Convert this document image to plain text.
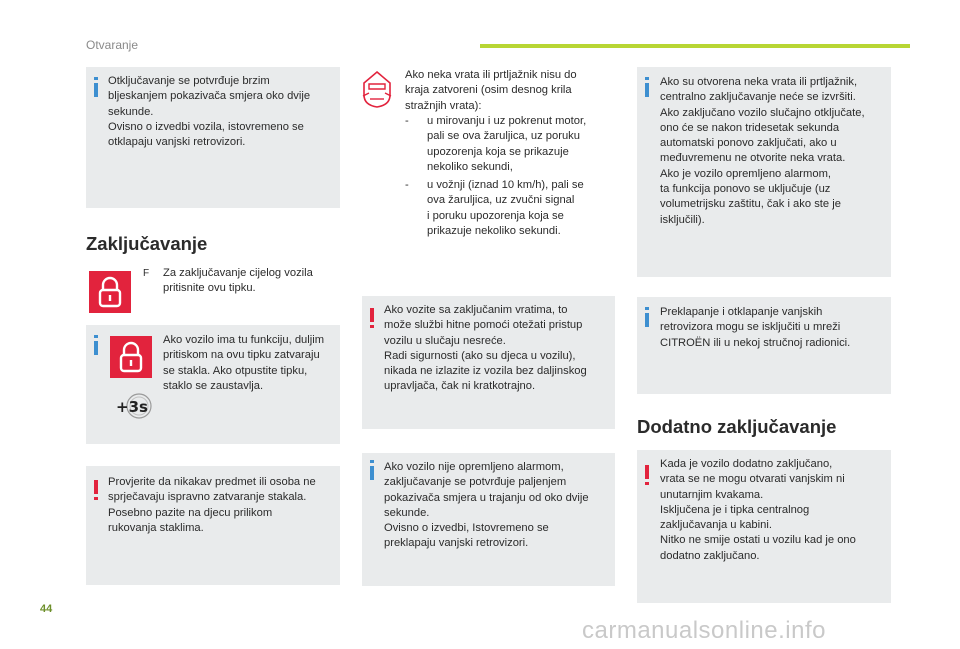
Otvaranje
Otključavanje se potvrđuje brzim
bljeskanjem pokazivača smjera oko dvije
sekunde.
Ovisno o izvedbi vozila, istovremeno se
otklapaju vanjski retrovizori.
Zaključavanje
F Za zaključavanje cijelog vozila
pritisnite ovu tipku.
+3s
Ako vozilo ima tu funkciju, duljim
pritiskom na ovu tipku zatvaraju
se stakla. Ako otpustite tipku,
staklo se zaustavlja.
Provjerite da nikakav predmet ili osoba ne
sprječavaju ispravno zatvaranje stakala.
Posebno pazite na djecu prilikom
rukovanja staklima.
Ako neka vrata ili prtljažnik nisu do
kraja zatvoreni (osim desnog krila
stražnjih vrata):
-	u mirovanju i uz pokrenut motor,
pali se ova žaruljica, uz poruku
upozorenja koja se prikazuje
nekoliko sekundi,
-	u vožnji (iznad 10 km/h), pali se
ova žaruljica, uz zvučni signal
i poruku upozorenja koja se
prikazuje nekoliko sekundi.
Ako vozite sa zaključanim vratima, to
može službi hitne pomoći otežati pristup
vozilu u slučaju nesreće.
Radi sigurnosti (ako su djeca u vozilu),
nikada ne izlazite iz vozila bez daljinskog
upravljača, čak ni kratkotrajno.
Ako vozilo nije opremljeno alarmom,
zaključavanje se potvrđuje paljenjem
pokazivača smjera u trajanju od oko dvije
sekunde.
Ovisno o izvedbi, Istovremeno se
preklapaju vanjski retrovizori.
Ako su otvorena neka vrata ili prtljažnik,
centralno zaključavanje neće se izvršiti.
Ako zaključano vozilo slučajno otključate,
ono će se nakon tridesetak sekunda
automatski ponovo zaključati, ako u
međuvremenu ne otvorite neka vrata.
Ako je vozilo opremljeno alarmom,
ta funkcija ponovo se uključuje (uz
volumetrijsku zaštitu, čak i ako ste je
isključili).
Preklapanje i otklapanje vanjskih
retrovizora mogu se isključiti u mreži
CITROËN ili u nekoj stručnoj radionici.
Dodatno zaključavanje
Kada je vozilo dodatno zaključano,
vrata se ne mogu otvarati vanjskim ni
unutarnjim kvakama.
Isključena je i tipka centralnog
zaključavanja u kabini.
Nitko ne smije ostati u vozilu kad je ono
dodatno zaključano.
44
carmanualsonline.info
